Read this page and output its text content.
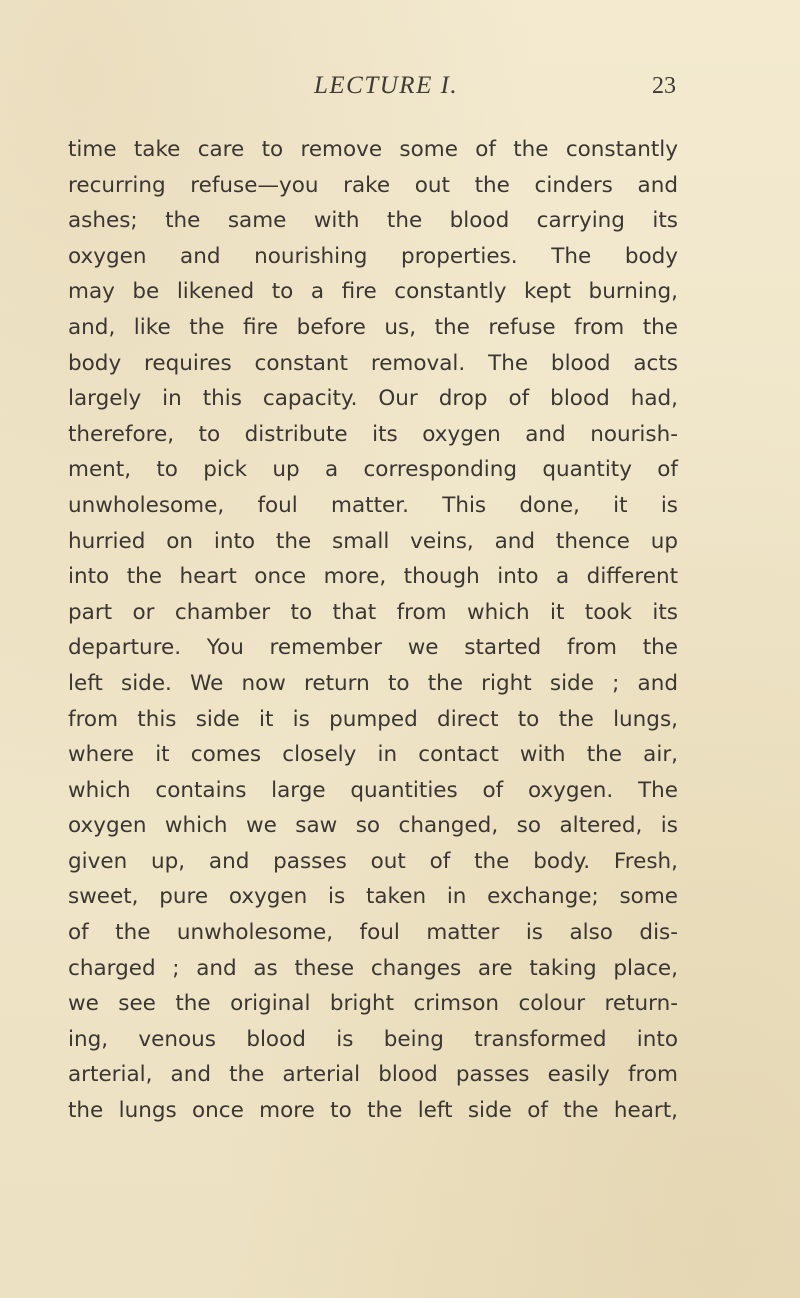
LECTURE I.	23
time take care to remove some of the constantly
recurring refuse—you rake out the cinders and
ashes; the same with the blood carrying its
oxygen and nourishing properties. The body
may be likened to a fire constantly kept burning,
and, like the fire before us, the refuse from the
body requires constant removal. The blood acts
largely in this capacity. Our drop of blood had,
therefore, to distribute its oxygen and nourish-
ment, to pick up a corresponding quantity of
unwholesome, foul matter. This done, it is
hurried on into the small veins, and thence up
into the heart once more, though into a different
part or chamber to that from which it took its
departure. You remember we started from the
left side. We now return to the right side ; and
from this side it is pumped direct to the lungs,
where it comes closely in contact with the air,
which contains large quantities of oxygen. The
oxygen which we saw so changed, so altered, is
given up, and passes out of the body. Fresh,
sweet, pure oxygen is taken in exchange; some
of the unwholesome, foul matter is also dis-
charged ; and as these changes are taking place,
we see the original bright crimson colour return-
ing, venous blood is being transformed into
arterial, and the arterial blood passes easily from
the lungs once more to the left side of the heart,
